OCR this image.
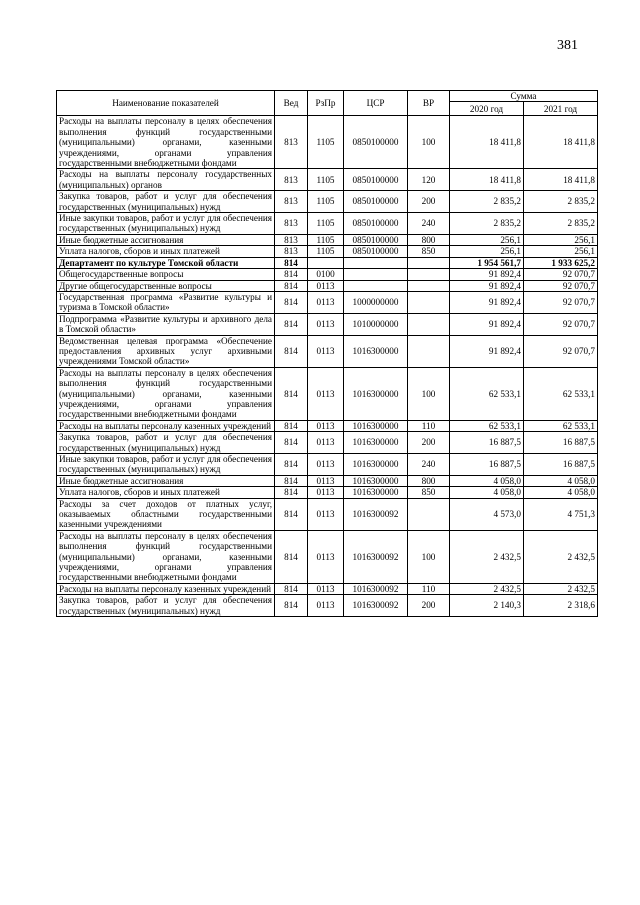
381
Наименование показателей	Вед	РзПр	ЦСР	ВР	Сумма	
					2020 год	2021 год
Расходы на выплаты персоналу в целях обеспечения выполнения функций государственными (муниципальными) органами, казенными учреждениями, органами управления государственными внебюджетными фондами	813	1105	0850100000	100	18 411,8	18 411,8
Расходы на выплаты персоналу государственных (муниципальных) органов	813	1105	0850100000	120	18 411,8	18 411,8
Закупка товаров, работ и услуг для обеспечения государственных (муниципальных) нужд	813	1105	0850100000	200	2 835,2	2 835,2
Иные закупки товаров, работ и услуг для обеспечения государственных (муниципальных) нужд	813	1105	0850100000	240	2 835,2	2 835,2
Иные бюджетные ассигнования	813	1105	0850100000	800	256,1	256,1
Уплата налогов, сборов и иных платежей	813	1105	0850100000	850	256,1	256,1
Департамент по культуре Томской области	814				1 954 561,7	1 933 625,2
Общегосударственные вопросы	814	0100			91 892,4	92 070,7
Другие общегосударственные вопросы	814	0113			91 892,4	92 070,7
Государственная программа «Развитие культуры и туризма в Томской области»	814	0113	1000000000		91 892,4	92 070,7
Подпрограмма «Развитие культуры и архивного дела в Томской области»	814	0113	1010000000		91 892,4	92 070,7
Ведомственная целевая программа «Обеспечение предоставления архивных услуг архивными учреждениями Томской области»	814	0113	1016300000		91 892,4	92 070,7
Расходы на выплаты персоналу в целях обеспечения выполнения функций государственными (муниципальными) органами, казенными учреждениями, органами управления государственными внебюджетными фондами	814	0113	1016300000	100	62 533,1	62 533,1
Расходы на выплаты персоналу казенных учреждений	814	0113	1016300000	110	62 533,1	62 533,1
Закупка товаров, работ и услуг для обеспечения государственных (муниципальных) нужд	814	0113	1016300000	200	16 887,5	16 887,5
Иные закупки товаров, работ и услуг для обеспечения государственных (муниципальных) нужд	814	0113	1016300000	240	16 887,5	16 887,5
Иные бюджетные ассигнования	814	0113	1016300000	800	4 058,0	4 058,0
Уплата налогов, сборов и иных платежей	814	0113	1016300000	850	4 058,0	4 058,0
Расходы за счет доходов от платных услуг, оказываемых областными государственными казенными учреждениями	814	0113	1016300092		4 573,0	4 751,3
Расходы на выплаты персоналу в целях обеспечения выполнения функций государственными (муниципальными) органами, казенными учреждениями, органами управления государственными внебюджетными фондами	814	0113	1016300092	100	2 432,5	2 432,5
Расходы на выплаты персоналу казенных учреждений	814	0113	1016300092	110	2 432,5	2 432,5
Закупка товаров, работ и услуг для обеспечения государственных (муниципальных) нужд	814	0113	1016300092	200	2 140,3	2 318,6
